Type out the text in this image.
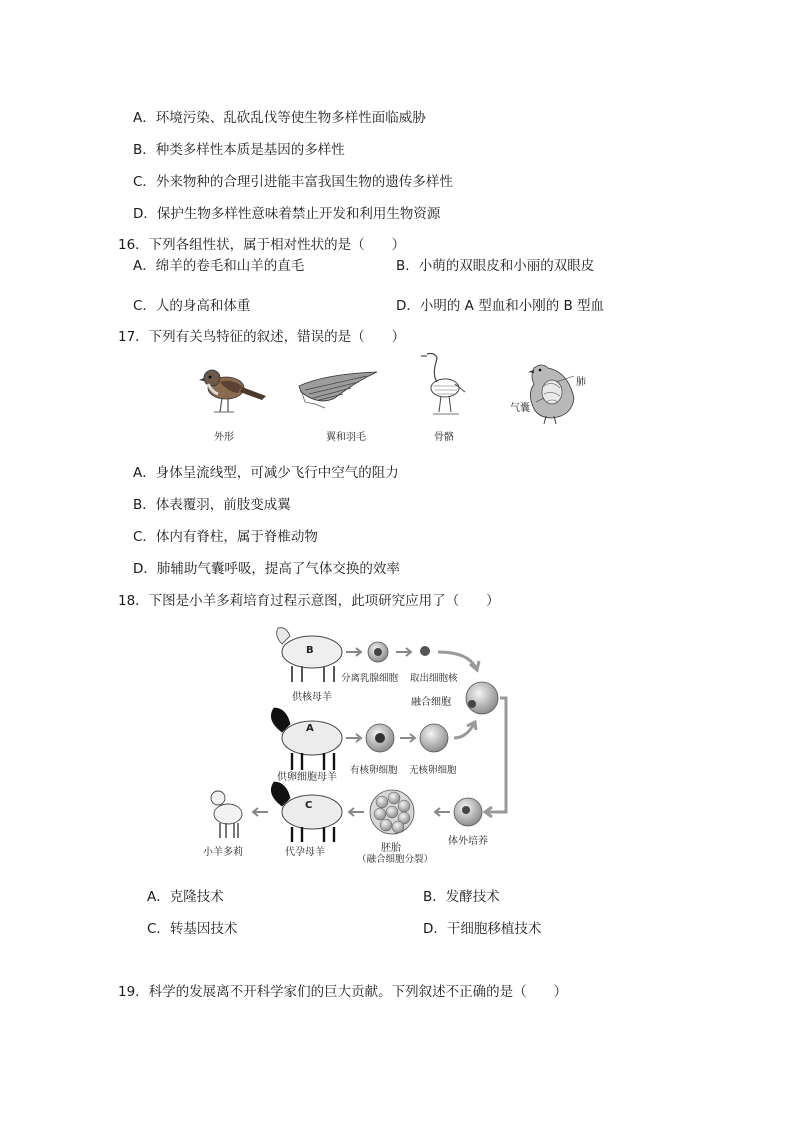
A．环境污染、乱砍乱伐等使生物多样性面临威胁
B．种类多样性本质是基因的多样性
C．外来物种的合理引进能丰富我国生物的遗传多样性
D．保护生物多样性意味着禁止开发和利用生物资源
16．下列各组性状，属于相对性状的是（　　）
A．绵羊的卷毛和山羊的直毛	B．小萌的双眼皮和小丽的双眼皮
C．人的身高和体重	D．小明的 A 型血和小刚的 B 型血
17．下列有关鸟特征的叙述，错误的是（　　）
外形	翼和羽毛	骨骼
肺
气囊
A．身体呈流线型，可减少飞行中空气的阻力
B．体表覆羽，前肢变成翼
C．体内有脊柱，属于脊椎动物
D．肺辅助气囊呼吸，提高了气体交换的效率
18．下图是小羊多莉培育过程示意图，此项研究应用了（　　）
B
供核母羊
分离乳腺细胞 取出细胞核
融合细胞
A
供卵细胞母羊
有核卵细胞 无核卵细胞
C
体外培养
小羊多莉	代孕母羊	胚胎
（融合细胞分裂）
A．克隆技术	B．发酵技术
C．转基因技术	D．干细胞移植技术
19．科学的发展离不开科学家们的巨大贡献。下列叙述不正确的是（　　）
